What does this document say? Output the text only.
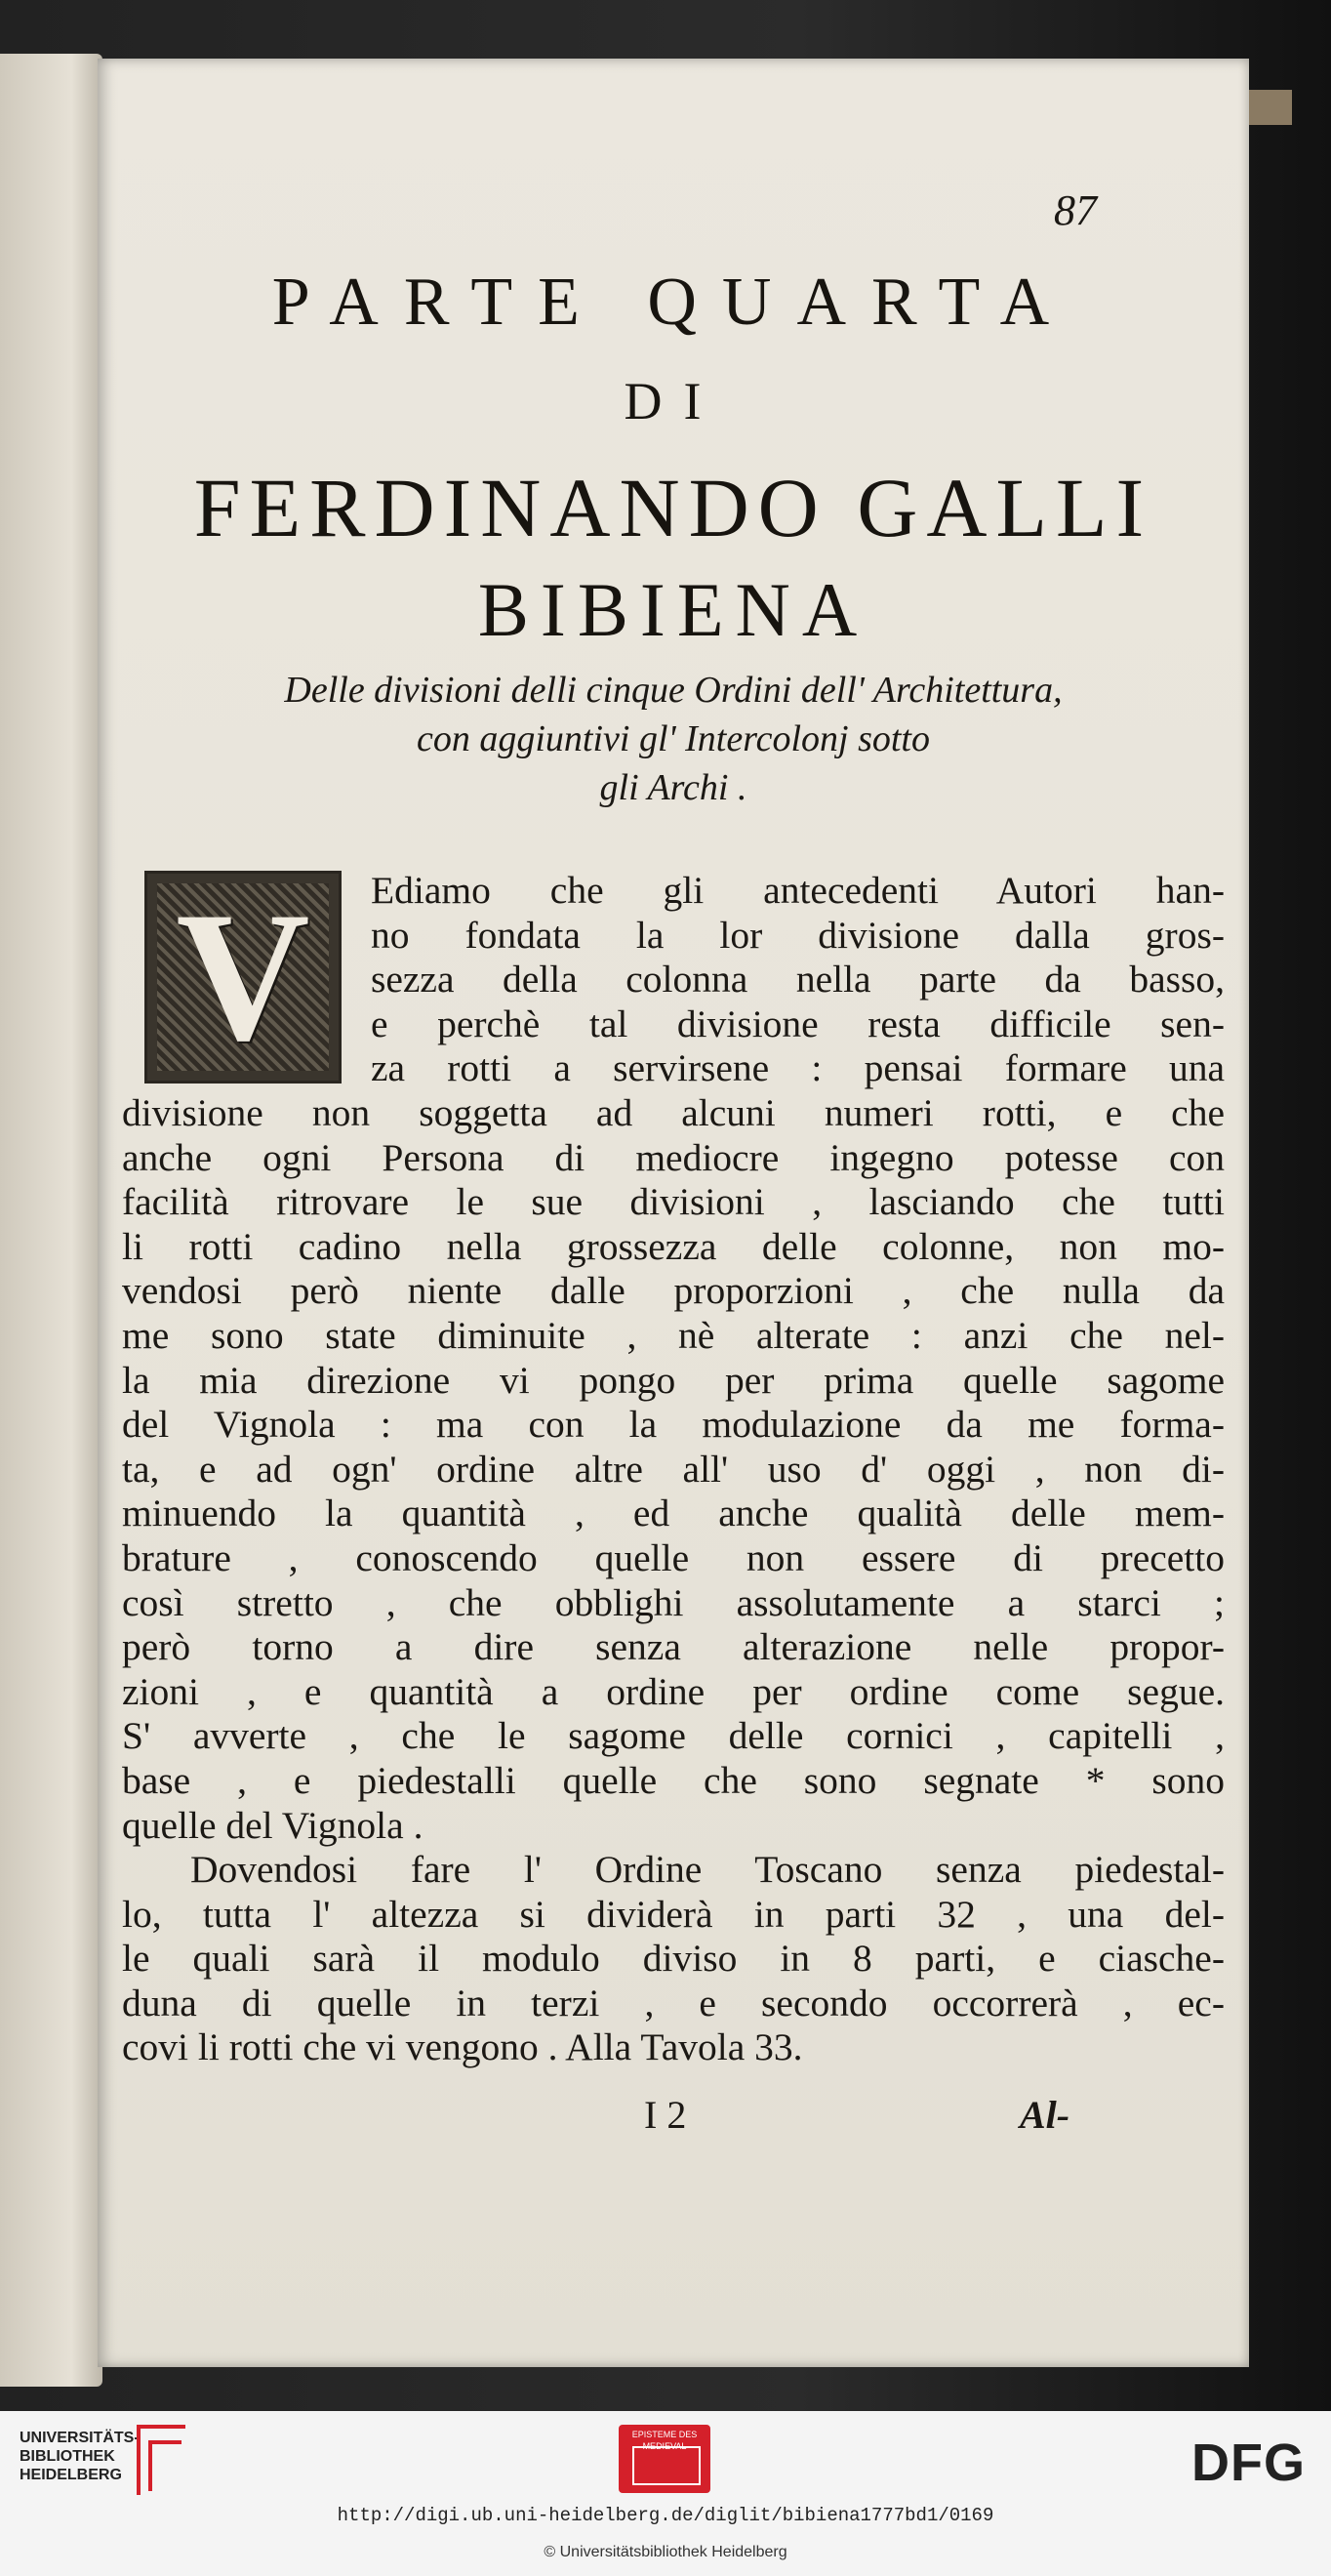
87
PARTE QUARTA
DI
FERDINANDO GALLI
BIBIENA
Delle divisioni delli cinque Ordini dell' Architettura,
con aggiuntivi gl' Intercolonj sotto
gli Archi .
V	Ediamo che gli antecedenti Autori han-
no fondata la lor divisione dalla gros-
sezza della colonna nella parte da basso,
e perchè tal divisione resta difficile sen-
za rotti a servirsene : pensai formare una
divisione non soggetta ad alcuni numeri rotti, e che
anche ogni Persona di mediocre ingegno potesse con
facilità ritrovare le sue divisioni , lasciando che tutti
li rotti cadino nella grossezza delle colonne, non mo-
vendosi però niente dalle proporzioni , che nulla da
me sono state diminuite , nè alterate : anzi che nel-
la mia direzione vi pongo per prima quelle sagome
del Vignola : ma con la modulazione da me forma-
ta, e ad ogn' ordine altre all' uso d' oggi , non di-
minuendo la quantità , ed anche qualità delle mem-
brature , conoscendo quelle non essere di precetto
così stretto , che obblighi assolutamente a starci ;
però torno a dire senza alterazione nelle propor-
zioni , e quantità a ordine per ordine come segue.
S' avverte , che le sagome delle cornici , capitelli ,
base , e piedestalli quelle che sono segnate * sono
quelle del Vignola .
Dovendosi fare l' Ordine Toscano senza piedestal-
lo, tutta l' altezza si dividerà in parti 32 , una del-
le quali sarà il modulo diviso in 8 parti, e ciasche-
duna di quelle in terzi , e secondo occorrerà , ec-
covi li rotti che vi vengono . Alla Tavola 33.
I 2	Al-
UNIVERSITÄTS-
BIBLIOTHEK
HEIDELBERG
EPISTEME DES MEDIEVAL	DFG
http://digi.ub.uni-heidelberg.de/diglit/bibiena1777bd1/0169
© Universitätsbibliothek Heidelberg
